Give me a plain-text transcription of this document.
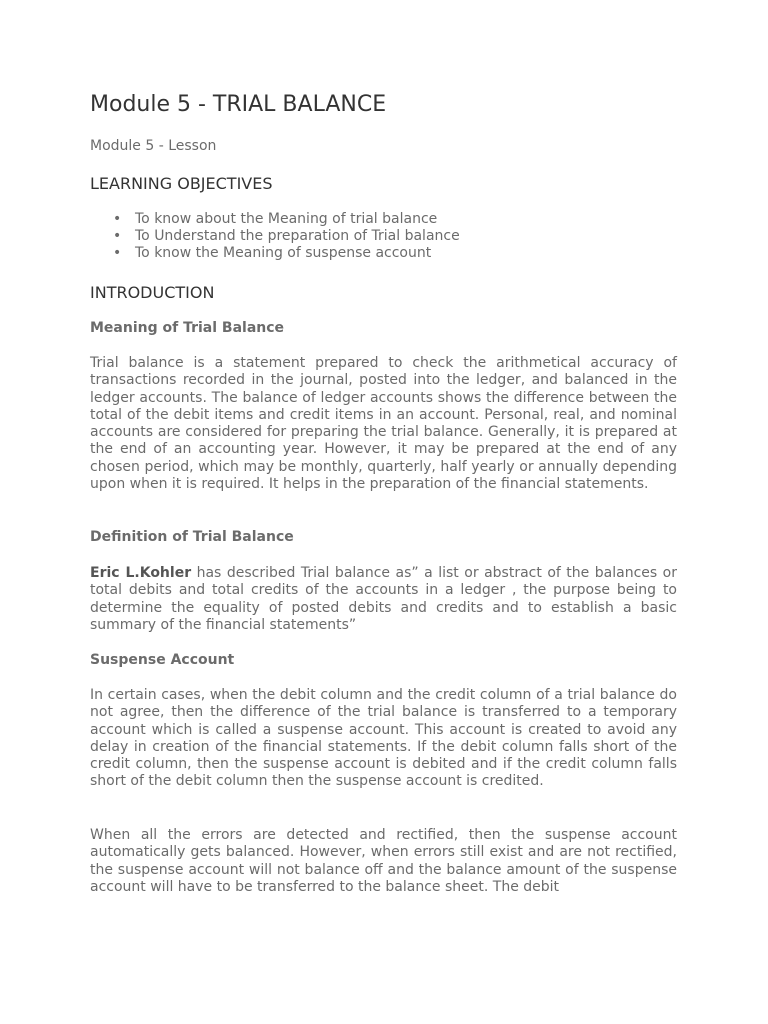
Module 5 - TRIAL BALANCE

Module 5 - Lesson

LEARNING OBJECTIVES
• To know about the Meaning of trial balance
• To Understand the preparation of Trial balance
• To know the Meaning of suspense account
INTRODUCTION
Meaning of Trial Balance

Trial balance is a statement prepared to check the arithmetical accuracy of transactions recorded in the journal, posted into the ledger, and balanced in the ledger accounts. The balance of ledger accounts shows the difference between the total of the debit items and credit items in an account. Personal, real, and nominal accounts are considered for preparing the trial balance. Generally, it is prepared at the end of an accounting year. However, it may be prepared at the end of any chosen period, which may be monthly, quarterly, half yearly or annually depending upon when it is required. It helps in the preparation of the financial statements.

Definition of Trial Balance

Eric L.Kohler has described Trial balance as” a list or abstract of the balances or total debits and total credits of the accounts in a ledger , the purpose being to determine the equality of posted debits and credits and to establish a basic summary of the financial statements”

Suspense Account

In certain cases, when the debit column and the credit column of a trial balance do not agree, then the difference of the trial balance is transferred to a temporary account which is called a suspense account. This account is created to avoid any delay in creation of the financial statements. If the debit column falls short of the credit column, then the suspense account is debited and if the credit column falls short of the debit column then the suspense account is credited.

When all the errors are detected and rectified, then the suspense account automatically gets balanced. However, when errors still exist and are not rectified, the suspense account will not balance off and the balance amount of the suspense account will have to be transferred to the balance sheet. The debit
